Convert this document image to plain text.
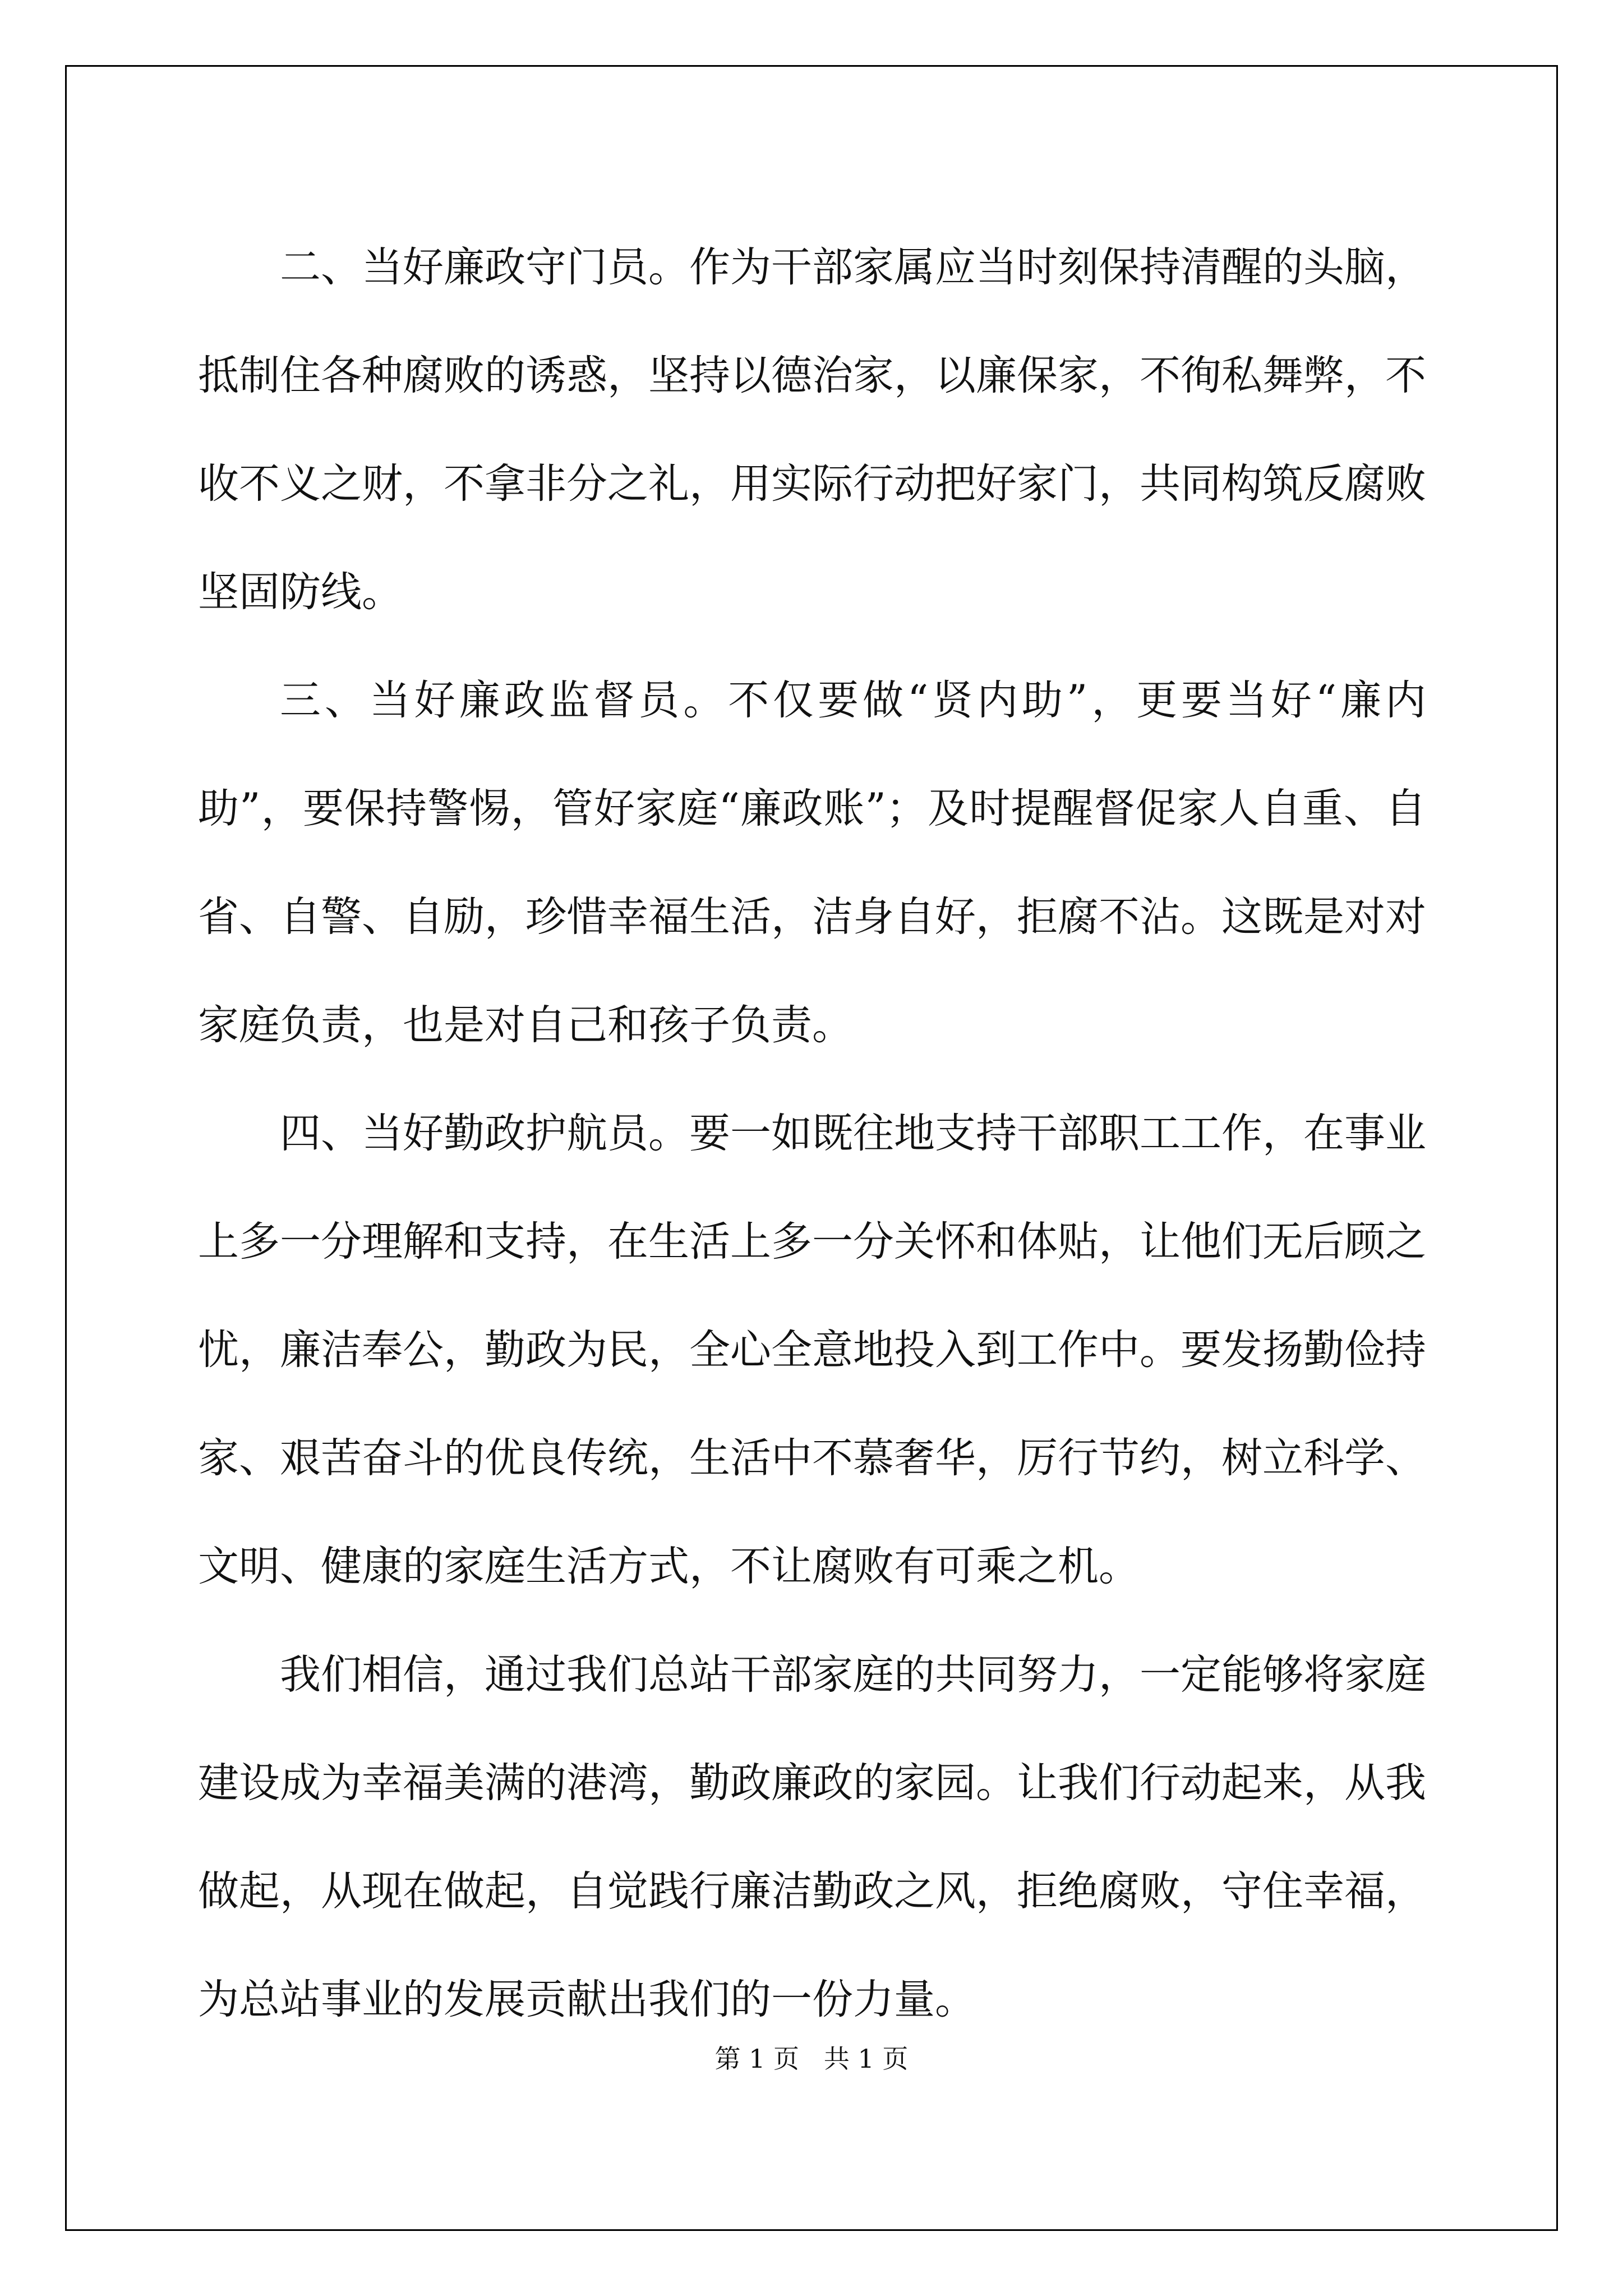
二、当好廉政守门员。作为干部家属应当时刻保持清醒的头脑，抵制住各种腐败的诱惑，坚持以德治家，以廉保家，不徇私舞弊，不收不义之财，不拿非分之礼，用实际行动把好家门，共同构筑反腐败坚固防线。

三、当好廉政监督员。不仅要做“贤内助”，更要当好“廉内助”，要保持警惕，管好家庭“廉政账”；及时提醒督促家人自重、自省、自警、自励，珍惜幸福生活，洁身自好，拒腐不沾。这既是对对家庭负责，也是对自己和孩子负责。

四、当好勤政护航员。要一如既往地支持干部职工工作，在事业上多一分理解和支持，在生活上多一分关怀和体贴，让他们无后顾之忧，廉洁奉公，勤政为民，全心全意地投入到工作中。要发扬勤俭持家、艰苦奋斗的优良传统，生活中不慕奢华，厉行节约，树立科学、文明、健康的家庭生活方式，不让腐败有可乘之机。

我们相信，通过我们总站干部家庭的共同努力，一定能够将家庭建设成为幸福美满的港湾，勤政廉政的家园。让我们行动起来，从我做起，从现在做起，自觉践行廉洁勤政之风，拒绝腐败，守住幸福，为总站事业的发展贡献出我们的一份力量。

第 1 页   共 1 页
